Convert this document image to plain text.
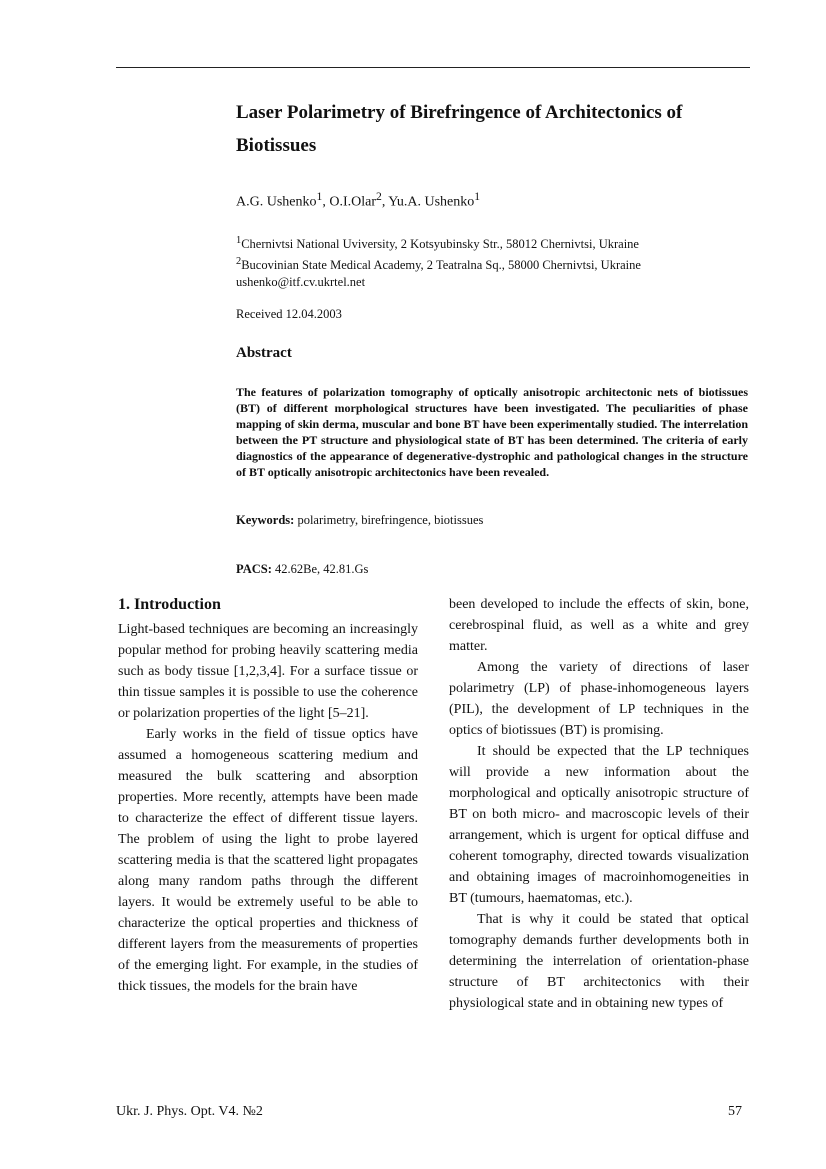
Laser Polarimetry of Birefringence of Architectonics of Biotissues
A.G. Ushenko$^1$, O.I.Olar$^2$, Yu.A. Ushenko$^1$
$^1$Chernivtsi National Uviversity, 2 Kotsyubinsky Str., 58012 Chernivtsi, Ukraine
$^2$Bucovinian State Medical Academy, 2 Teatralna Sq., 58000 Chernivtsi, Ukraine
ushenko@itf.cv.ukrtel.net
Received 12.04.2003
Abstract

The features of polarization tomography of optically anisotropic architectonic nets of biotissues (BT) of different morphological structures have been investigated. The peculiarities of phase mapping of skin derma, muscular and bone BT have been experimentally studied. The interrelation between the PT structure and physiological state of BT has been determined. The criteria of early diagnostics of the appearance of degenerative-dystrophic and pathological changes in the structure of BT optically anisotropic architectonics have been revealed.

Keywords: polarimetry, birefringence, biotissues
PACS: 42.62Be, 42.81.Gs
1. Introduction

Light-based techniques are becoming an increasingly popular method for probing heavily scattering media such as body tissue [1,2,3,4]. For a surface tissue or thin tissue samples it is possible to use the coherence or polarization properties of the light [5–21].

Early works in the field of tissue optics have assumed a homogeneous scattering medium and measured the bulk scattering and absorption properties. More recently, attempts have been made to characterize the effect of different tissue layers. The problem of using the light to probe layered scattering media is that the scattered light propagates along many random paths through the different layers. It would be extremely useful to be able to characterize the optical properties and thickness of different layers from the measurements of properties of the emerging light. For example, in the studies of thick tissues, the models for the brain have

been developed to include the effects of skin, bone, cerebrospinal fluid, as well as a white and grey matter.

Among the variety of directions of laser polarimetry (LP) of phase-inhomogeneous layers (PIL), the development of LP techniques in the optics of biotissues (BT) is promising.

It should be expected that the LP techniques will provide a new information about the morphological and optically anisotropic structure of BT on both micro- and macroscopic levels of their arrangement, which is urgent for optical diffuse and coherent tomography, directed towards visualization and obtaining images of macroinhomogeneities in BT (tumours, haematomas, etc.).

That is why it could be stated that optical tomography demands further developments both in determining the interrelation of orientation-phase structure of BT architectonics with their physiological state and in obtaining new types of

Ukr. J. Phys. Opt. V4. №2	57
